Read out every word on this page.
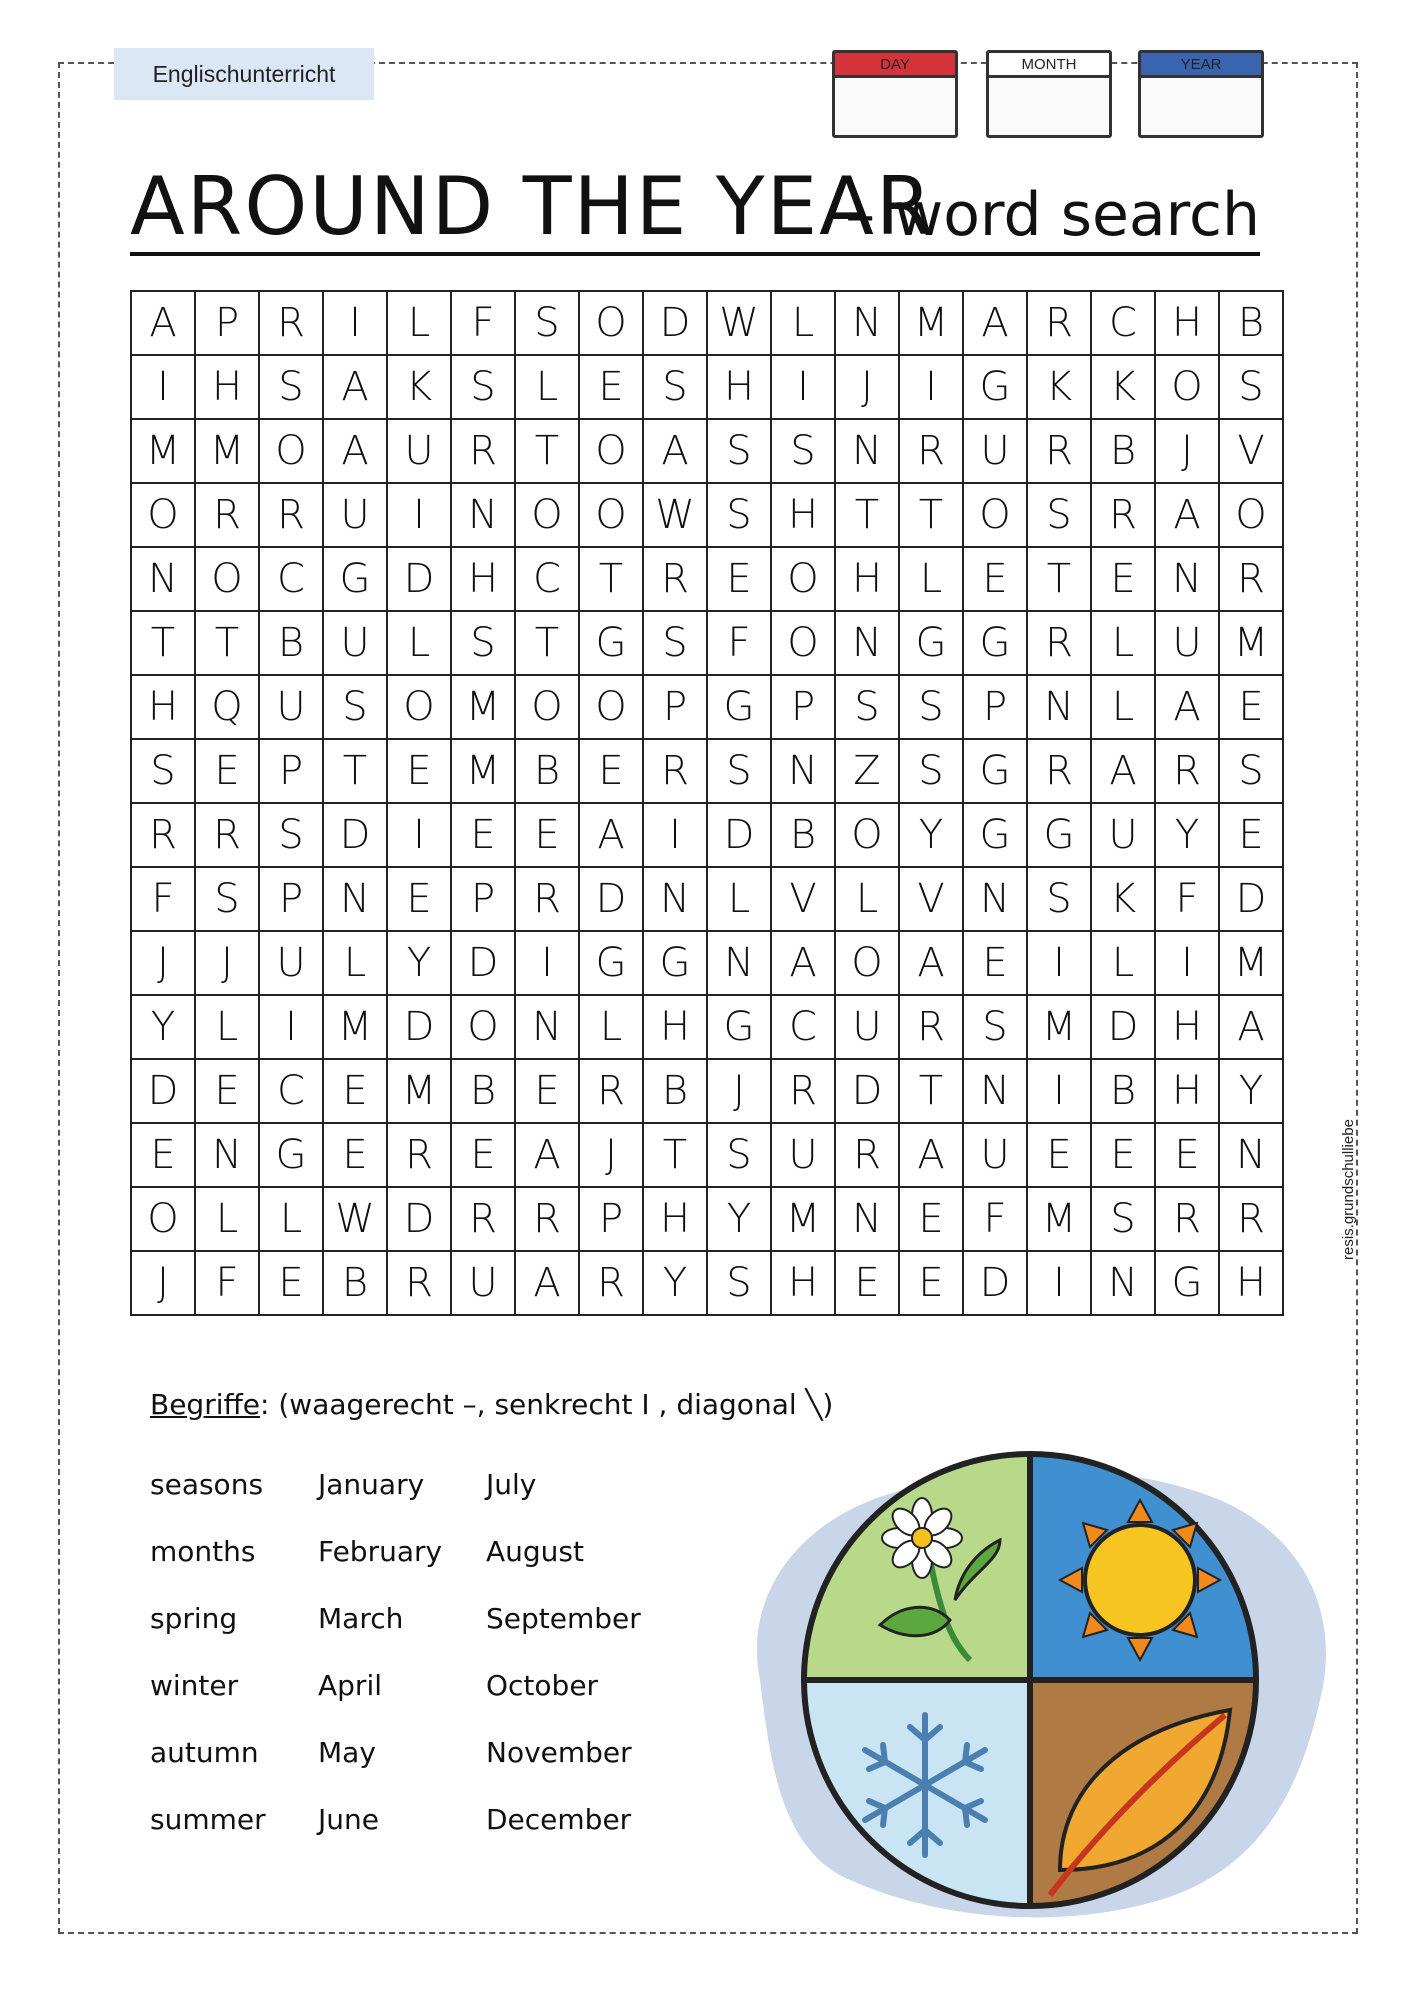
Englischunterricht	DAY	MONTH	YEAR
AROUND THE YEAR
– word search
A P R	I	L	F S O D W L N M A R C H B
I	H S A K S	L	E S H	I	J	I	G K K O S
M M O A U R T O A S S N R U R B	J	V
O R R U	I	N O O W S H T T O S R A O
N O C G D H C T R E O H L	E T E N R
T T B U L	S T G S F O N G G R L U M
H Q U S O M O O P G P S S P N L A E
S E P T E M B E R S N Z S G R A R S
R R S D	I	E E A	I	D B O Y G G U Y E
F S P N E P R D N L V L V N S K F D
J	J	U L	Y D	I	G G N A O A E	I	L	I	M
Y	L	I	M D O N L H G C U R S M D H A
D E C E M B E R B	J	R D T N	I	B H Y
E N G E R E A	J	T S U R A U E E E N
O L	L W D R R P H Y M N E F M S R R
J	F E B R U A R Y S H E E D	I	N G H
Begriffe: (waagerecht –, senkrecht I , diagonal ╲)
seasons	January	July
months	February	August
spring	March	September
winter	April	October
autumn	May	November
summer	June	December
resis.grundschulliebe
